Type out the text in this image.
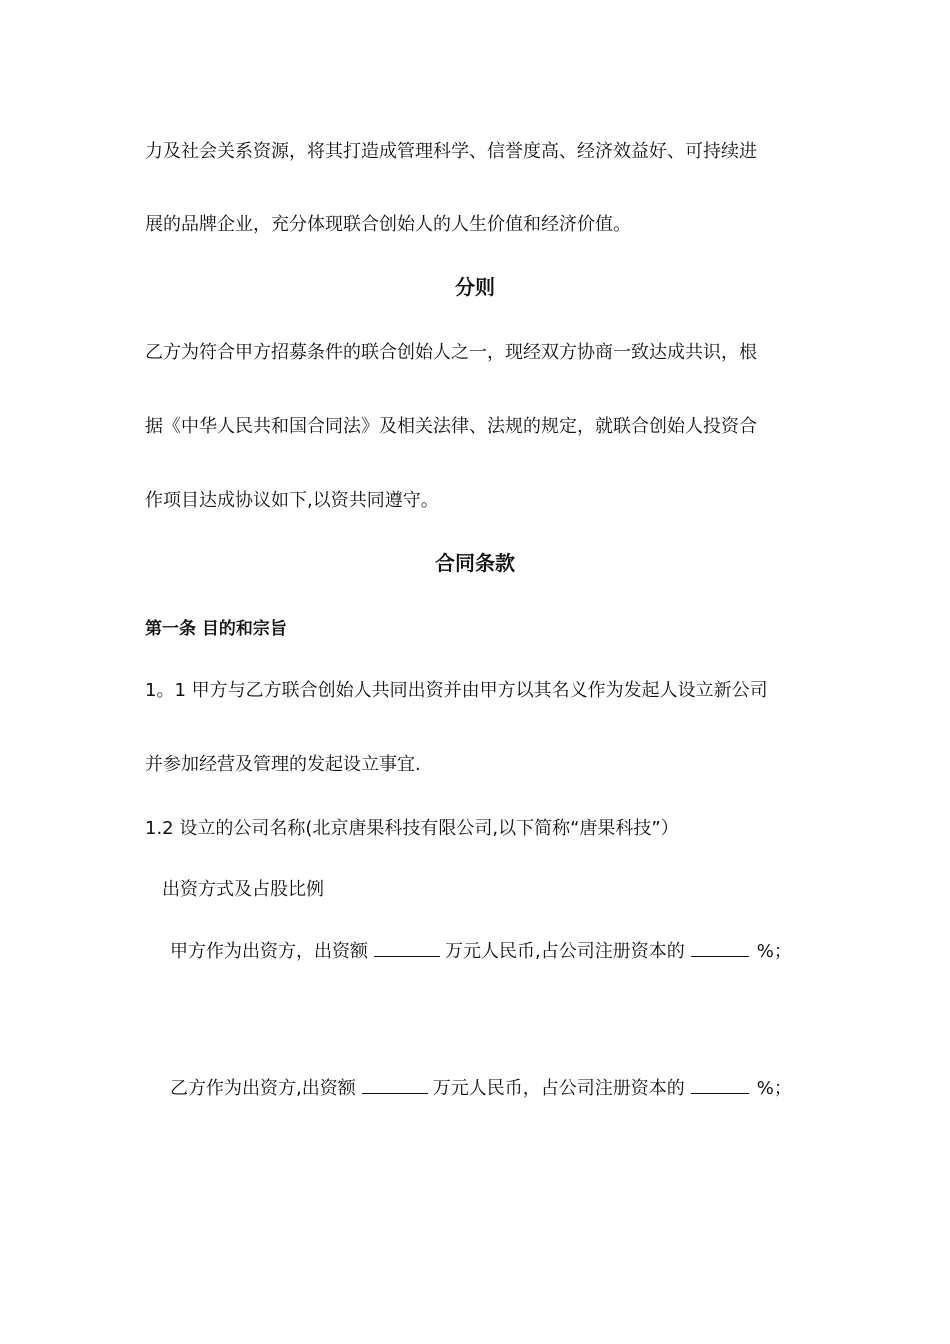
力及社会关系资源，将其打造成管理科学、信誉度高、经济效益好、可持续进
展的品牌企业，充分体现联合创始人的人生价值和经济价值。
分则
乙方为符合甲方招募条件的联合创始人之一，现经双方协商一致达成共识，根
据《中华人民共和国合同法》及相关法律、法规的规定，就联合创始人投资合
作项目达成协议如下,以资共同遵守。
合同条款
第一条 目的和宗旨
1。1 甲方与乙方联合创始人共同出资并由甲方以其名义作为发起人设立新公司
并参加经营及管理的发起设立事宜.
1.2 设立的公司名称(北京唐果科技有限公司,以下简称“唐果科技”）
出资方式及占股比例
甲方作为出资方，出资额	万元人民币,占公司注册资本的	%；
乙方作为出资方,出资额	万元人民币，占公司注册资本的	%；
